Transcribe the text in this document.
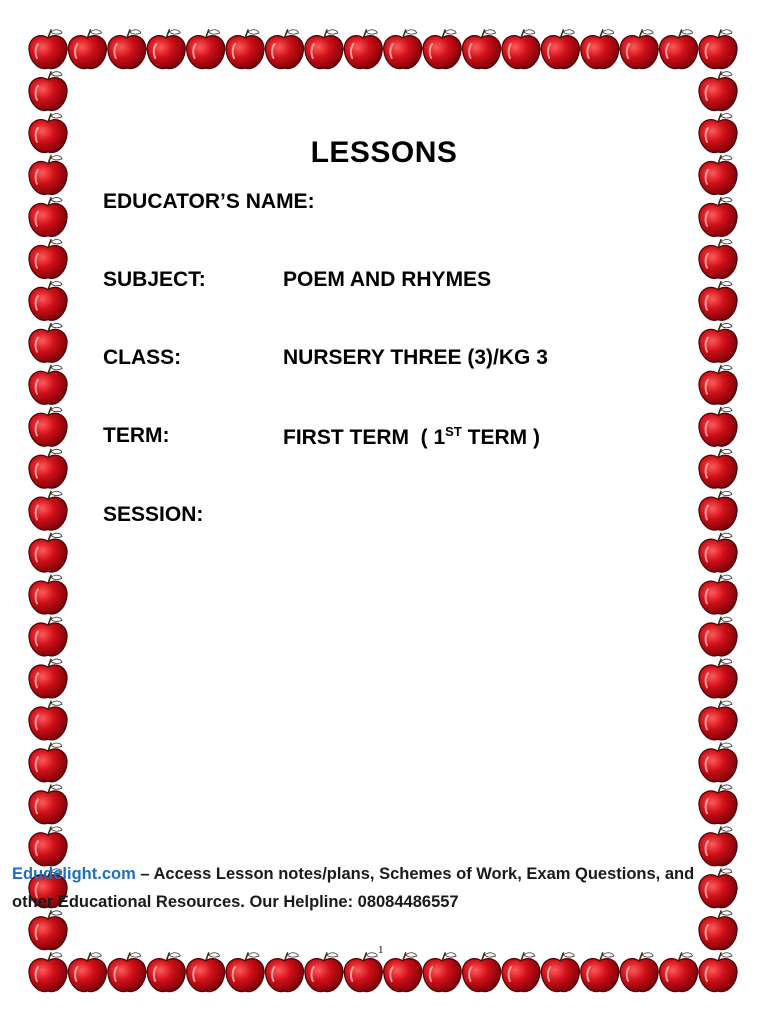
LESSONS
EDUCATOR’S NAME:
SUBJECT:	POEM AND RHYMES
CLASS:	NURSERY THREE (3)/KG 3
TERM:	FIRST TERM  ( 1ST TERM )
SESSION:
Edudelight.com – Access Lesson notes/plans, Schemes of Work, Exam Questions, and
other Educational Resources. Our Helpline: 08084486557
1
